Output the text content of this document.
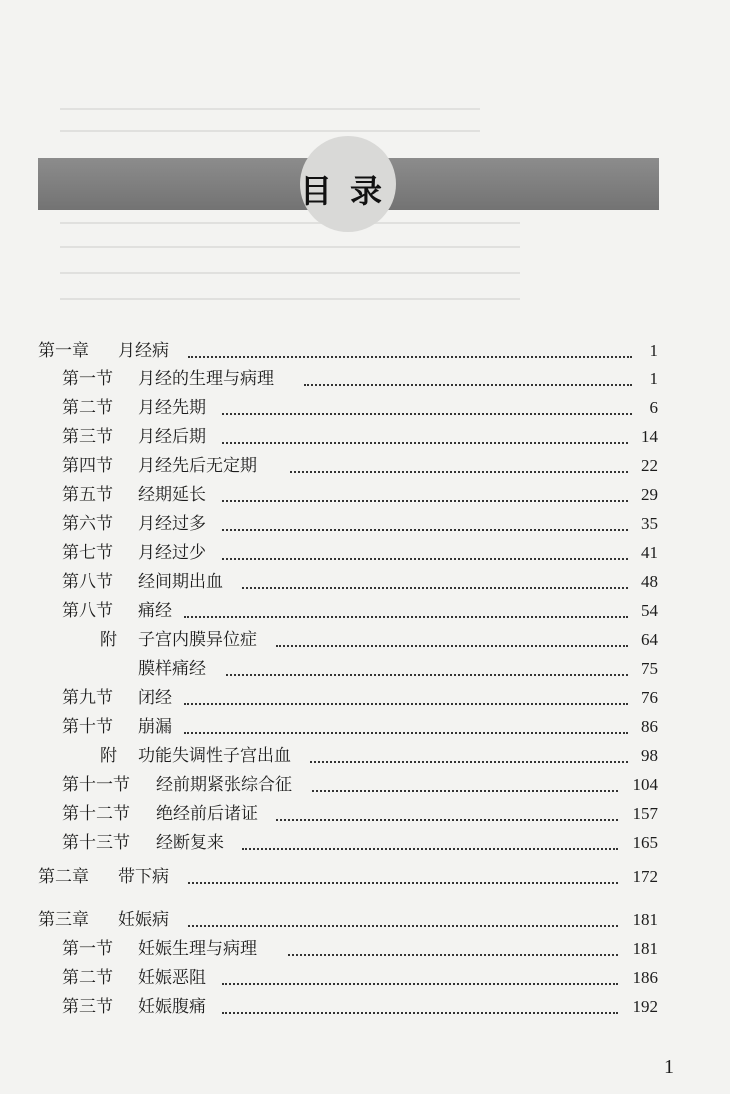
目录
第一章 月经病	1
第一节 月经的生理与病理	1
第二节 月经先期	6
第三节 月经后期	14
第四节 月经先后无定期	22
第五节 经期延长	29
第六节 月经过多	35
第七节 月经过少	41
第八节 经间期出血	48
第八节 痛经	54
附 子宫内膜异位症	64
膜样痛经	75
第九节 闭经	76
第十节 崩漏	86
附 功能失调性子宫出血	98
第十一节 经前期紧张综合征	104
第十二节 绝经前后诸证	157
第十三节 经断复来	165
第二章 带下病	172
第三章 妊娠病	181
第一节 妊娠生理与病理	181
第二节 妊娠恶阻	186
第三节 妊娠腹痛	192
1
